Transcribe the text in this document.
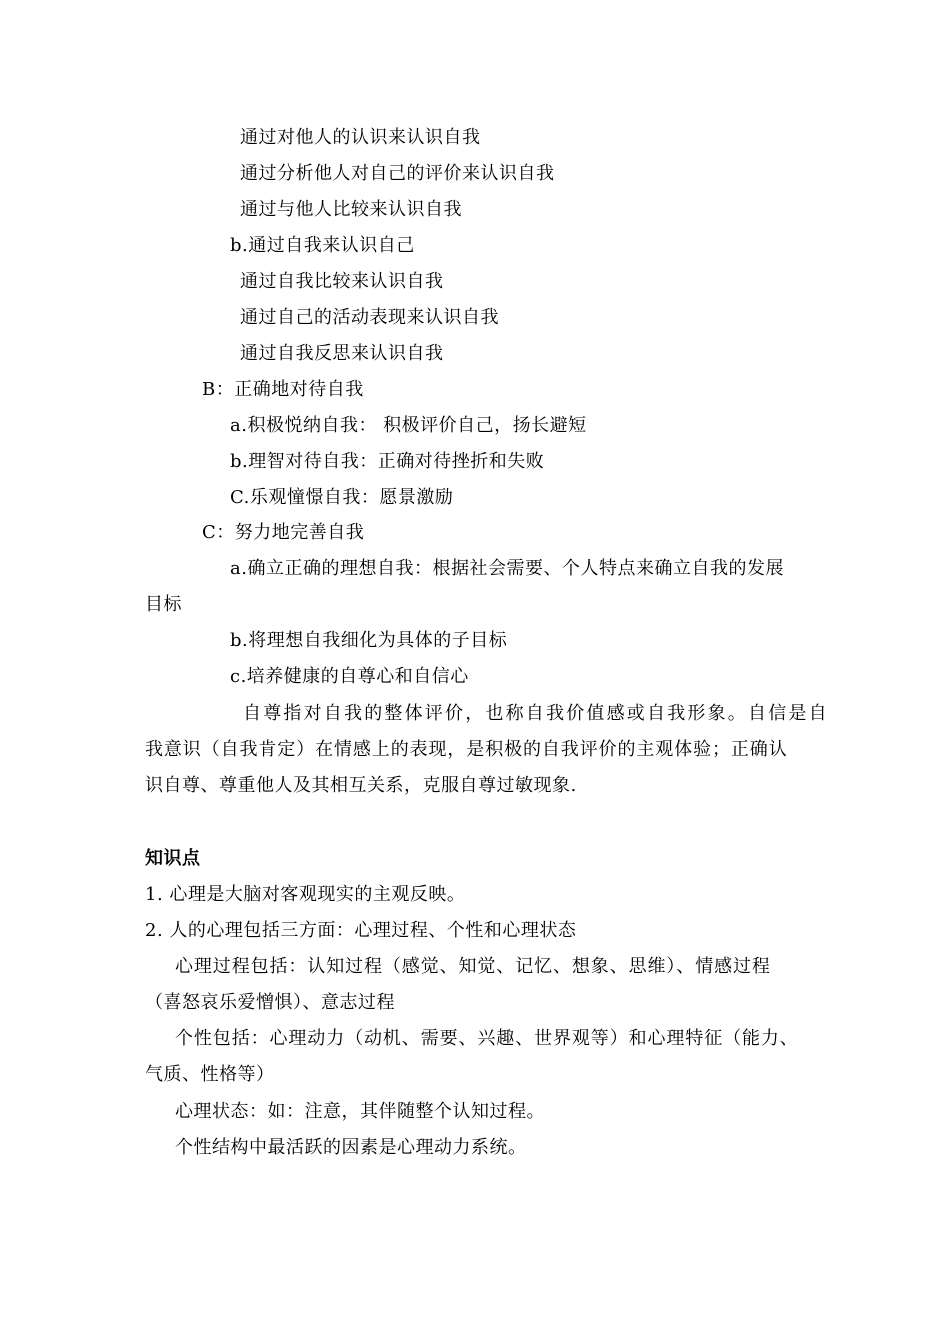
通过对他人的认识来认识自我
通过分析他人对自己的评价来认识自我
通过与他人比较来认识自我
b.通过自我来认识自己
通过自我比较来认识自我
通过自己的活动表现来认识自我
通过自我反思来认识自我
B：正确地对待自我
a.积极悦纳自我： 积极评价自己，扬长避短
b.理智对待自我：正确对待挫折和失败
C.乐观憧憬自我：愿景激励
C：努力地完善自我
a.确立正确的理想自我：根据社会需要、个人特点来确立自我的发展
目标
b.将理想自我细化为具体的子目标
c.培养健康的自尊心和自信心
自尊指对自我的整体评价，也称自我价值感或自我形象。自信是自
我意识（自我肯定）在情感上的表现，是积极的自我评价的主观体验；正确认
识自尊、尊重他人及其相互关系，克服自尊过敏现象.
知识点
1. 心理是大脑对客观现实的主观反映。
2. 人的心理包括三方面：心理过程、个性和心理状态
心理过程包括：认知过程（感觉、知觉、记忆、想象、思维）、情感过程
（喜怒哀乐爱憎惧）、意志过程
个性包括：心理动力（动机、需要、兴趣、世界观等）和心理特征（能力、
气质、性格等）
心理状态：如：注意，其伴随整个认知过程。
个性结构中最活跃的因素是心理动力系统。
